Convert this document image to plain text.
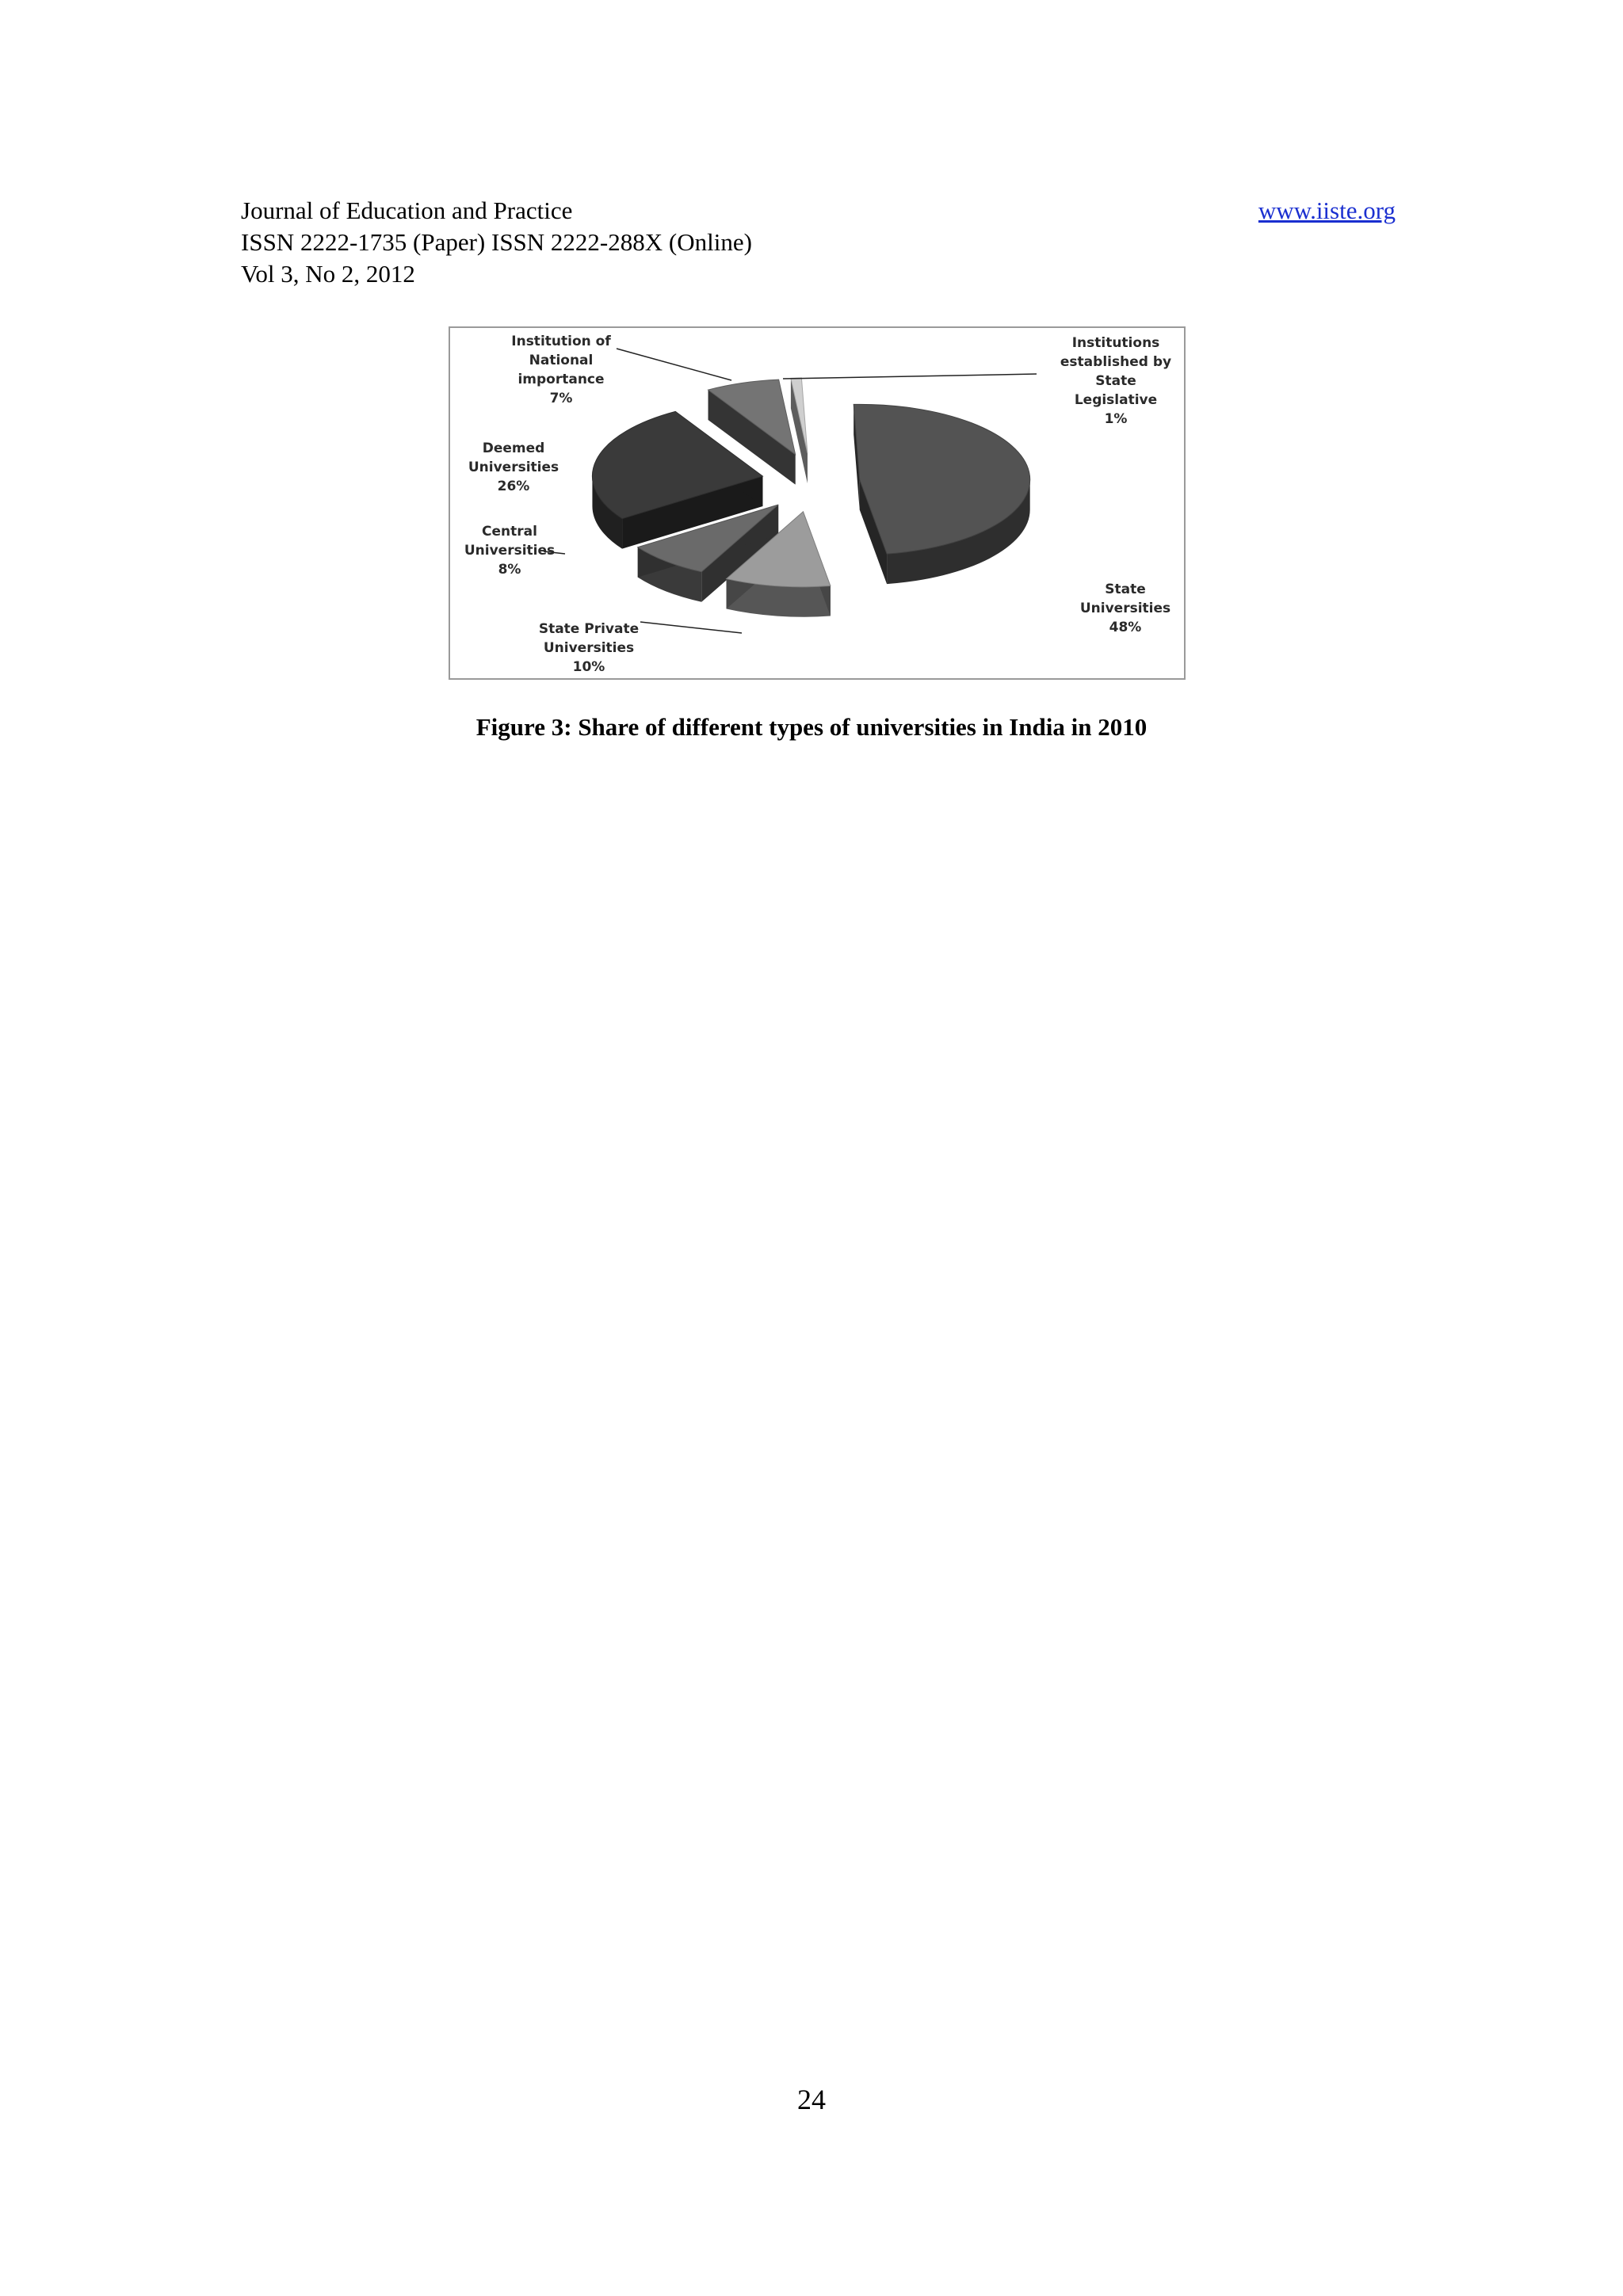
Journal of Education and Practice
ISSN 2222-1735 (Paper) ISSN 2222-288X (Online)
Vol 3, No 2, 2012
www.iiste.org
State Universities 48%
State Private Universities 10%
Central Universities 8%
Deemed Universities 26%
Institution of National importance 7%
Institutions established by State Legislative 1%
Figure 3: Share of different types of universities in India in 2010
24
